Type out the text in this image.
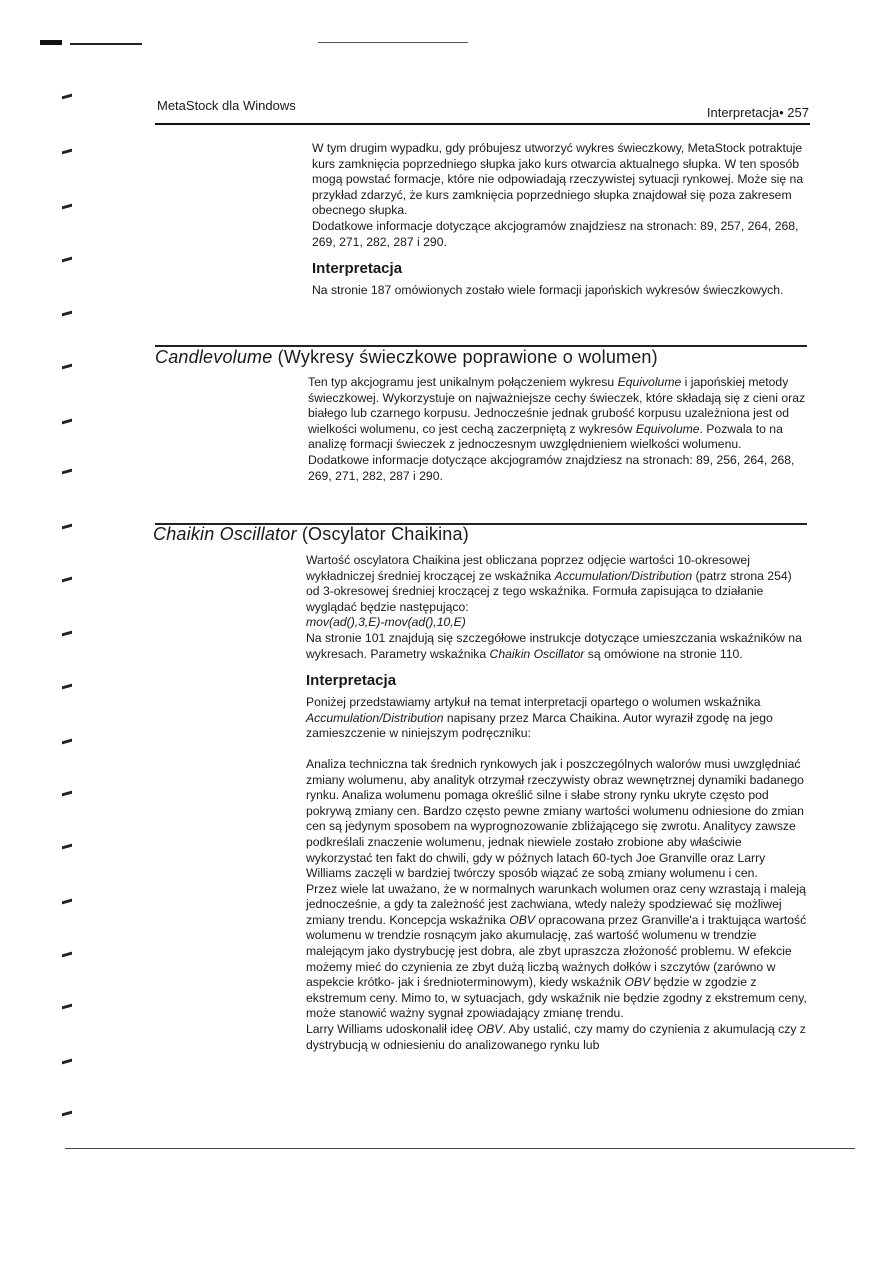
MetaStock dla Windows	Interpretacja• 257

W tym drugim wypadku, gdy próbujesz utworzyć wykres świeczkowy, MetaStock potraktuje kurs zamknięcia poprzedniego słupka jako kurs otwarcia aktualnego słupka. W ten sposób mogą powstać formacje, które nie odpowiadają rzeczywistej sytuacji rynkowej. Może się na przykład zdarzyć, że kurs zamknięcia poprzedniego słupka znajdował się poza zakresem obecnego słupka.

Dodatkowe informacje dotyczące akcjogramów znajdziesz na stronach: 89, 257, 264, 268, 269, 271, 282, 287 i 290.

Interpretacja

Na stronie 187 omówionych zostało wiele formacji japońskich wykresów świeczkowych.

Candlevolume (Wykresy świeczkowe poprawione o wolumen)

Ten typ akcjogramu jest unikalnym połączeniem wykresu Equivolume i japońskiej metody świeczkowej. Wykorzystuje on najważniejsze cechy świeczek, które składają się z cieni oraz białego lub czarnego korpusu. Jednocześnie jednak grubość korpusu uzależniona jest od wielkości wolumenu, co jest cechą zaczerpniętą z wykresów Equivolume. Pozwala to na analizę formacji świeczek z jednoczesnym uwzględnieniem wielkości wolumenu.

Dodatkowe informacje dotyczące akcjogramów znajdziesz na stronach: 89, 256, 264, 268, 269, 271, 282, 287 i 290.

Chaikin Oscillator (Oscylator Chaikina)

Wartość oscylatora Chaikina jest obliczana poprzez odjęcie wartości 10-okresowej wykładniczej średniej kroczącej ze wskaźnika Accumulation/Distribution (patrz strona 254) od 3-okresowej średniej kroczącej z tego wskaźnika. Formuła zapisująca to działanie wyglądać będzie następująco:

mov(ad(),3,E)-mov(ad(),10,E)

Na stronie 101 znajdują się szczegółowe instrukcje dotyczące umieszczania wskaźników na wykresach. Parametry wskaźnika Chaikin Oscillator są omówione na stronie 110.

Interpretacja

Poniżej przedstawiamy artykuł na temat interpretacji opartego o wolumen wskaźnika Accumulation/Distribution napisany przez Marca Chaikina. Autor wyraził zgodę na jego zamieszczenie w niniejszym podręczniku:

Analiza techniczna tak średnich rynkowych jak i poszczególnych walorów musi uwzględniać zmiany wolumenu, aby analityk otrzymał rzeczywisty obraz wewnętrznej dynamiki badanego rynku. Analiza wolumenu pomaga określić silne i słabe strony rynku ukryte często pod pokrywą zmiany cen. Bardzo często pewne zmiany wartości wolumenu odniesione do zmian cen są jedynym sposobem na wyprognozowanie zbliżającego się zwrotu. Analitycy zawsze podkreślali znaczenie wolumenu, jednak niewiele zostało zrobione aby właściwie wykorzystać ten fakt do chwili, gdy w późnych latach 60-tych Joe Granville oraz Larry Williams zaczęli w bardziej twórczy sposób wiązać ze sobą zmiany wolumenu i cen.

Przez wiele lat uważano, że w normalnych warunkach wolumen oraz ceny wzrastają i maleją jednocześnie, a gdy ta zależność jest zachwiana, wtedy należy spodziewać się możliwej zmiany trendu. Koncepcja wskaźnika OBV opracowana przez Granville'a i traktująca wartość wolumenu w trendzie rosnącym jako akumulację, zaś wartość wolumenu w trendzie malejącym jako dystrybucję jest dobra, ale zbyt upraszcza złożoność problemu. W efekcie możemy mieć do czynienia ze zbyt dużą liczbą ważnych dołków i szczytów (zarówno w aspekcie krótko- jak i średnioterminowym), kiedy wskaźnik OBV będzie w zgodzie z ekstremum ceny. Mimo to, w sytuacjach, gdy wskaźnik nie będzie zgodny z ekstremum ceny, może stanowić ważny sygnał zpowiadający zmianę trendu.

Larry Williams udoskonalił ideę OBV. Aby ustalić, czy mamy do czynienia z akumulacją czy z dystrybucją w odniesieniu do analizowanego rynku lub
